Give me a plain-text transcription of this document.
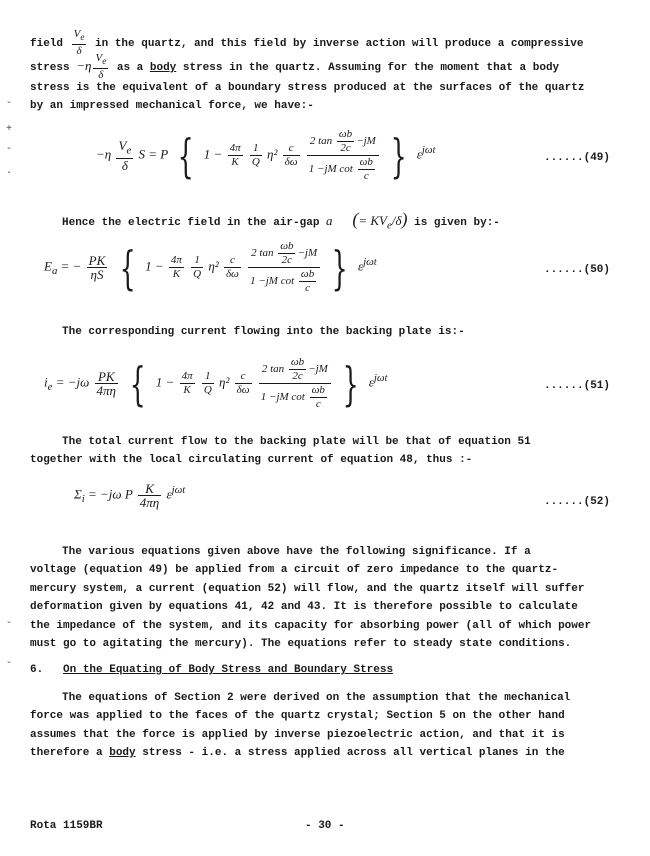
field $\frac{V_e}{\delta}$ in the quartz, and this field by inverse action will produce a compressive
stress $-\eta \frac{V_e}{\delta}$ as a body stress in the quartz. Assuming for the moment that a body
stress is the equivalent of a boundary stress produced at the surfaces of the quartz
by an impressed mechanical force, we have:-
$-\eta \frac{V_e}{\delta}$ S = P { $1 - \frac{4\pi}{K}$
$\frac{1}{Q} \eta^2 \frac{c}{\delta\omega}$
$\frac{2 \tan \frac{\omega b}{2c} -jM}{1 -jM \cot \frac{\omega b}{c}}$ } $\varepsilon^{j\omega t}$
......(49)
Hence the electric field in the air-gap a (= $KV_e/\delta$) is given by:-
$E_a$ = − $\frac{PK}{\eta S}$ { $1 - \frac{4\pi}{K}$
$\frac{1}{Q} \eta^2 \frac{c}{\delta\omega}$
$\frac{2 \tan \frac{\omega b}{2c} -jM}{1 -jM \cot \frac{\omega b}{c}}$ } $\varepsilon^{j\omega t}$
......(50)
The corresponding current flowing into the backing plate is:-
$i_e = -j\omega \frac{PK}{4\pi\eta}$ { $1 - \frac{4\pi}{K}$
$\frac{1}{Q} \eta^2 \frac{c}{\delta\omega}$
$\frac{2 \tan \frac{\omega b}{2c} -jM}{1 -jM \cot \frac{\omega b}{c}}$ } $\varepsilon^{j\omega t}$
......(51)
The total current flow to the backing plate will be that of equation 51
together with the local circulating current of equation 48, thus :-
$\Sigma_i = -j\omega$ P $\frac{K}{4\pi\eta} \varepsilon^{j\omega t}$
......(52)
The various equations given above have the following significance. If a
voltage (equation 49) be applied from a circuit of zero impedance to the quartz-
mercury system, a current (equation 52) will flow, and the quartz itself will suffer
deformation given by equations 41, 42 and 43. It is therefore possible to calculate
the impedance of the system, and its capacity for absorbing power (all of which power
must go to agitating the mercury). The equations refer to steady state conditions.
6. On the Equating of Body Stress and Boundary Stress
The equations of Section 2 were derived on the assumption that the mechanical
force was applied to the faces of the quartz crystal; Section 5 on the other hand
assumes that the force is applied by inverse piezoelectric action, and that it is
therefore a body stress - i.e. a stress applied across all vertical planes in the
Rota 1159BR	- 30 -
-
+
-
·
-
-
